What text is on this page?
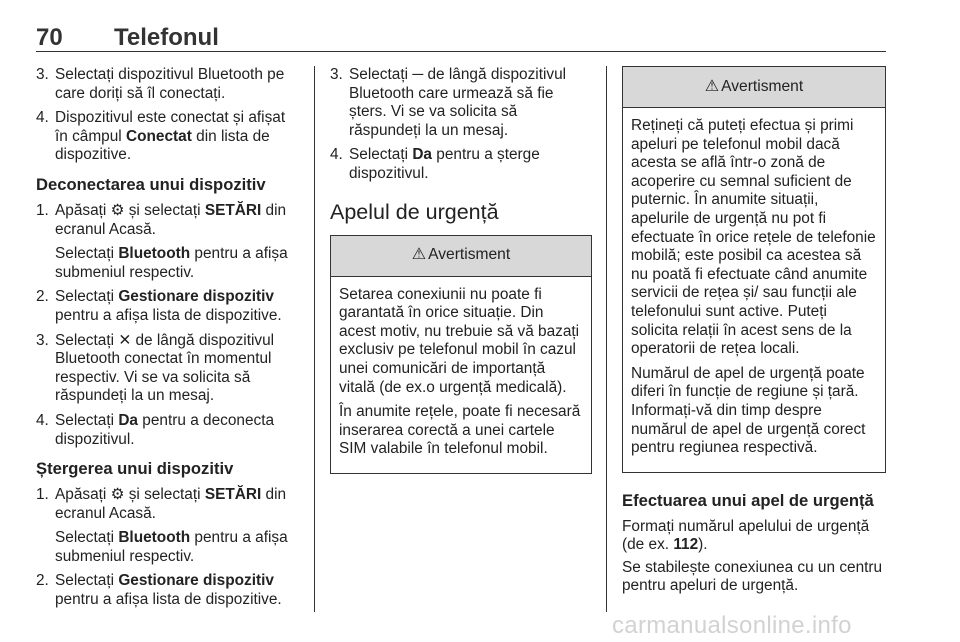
70 Telefonul
3. Selectați dispozitivul Bluetooth pe care doriți să îl conectați.
4. Dispozitivul este conectat și afișat în câmpul Conectat din lista de dispozitive.
Deconectarea unui dispozitiv
1. Apăsați ⚙ și selectați SETĂRI din ecranul Acasă.
Selectați Bluetooth pentru a afișa submeniul respectiv.
2. Selectați Gestionare dispozitiv pentru a afișa lista de dispozitive.
3. Selectați ✕ de lângă dispozitivul Bluetooth conectat în momentul respectiv. Vi se va solicita să răspundeți la un mesaj.
4. Selectați Da pentru a deconecta dispozitivul.
Ștergerea unui dispozitiv
1. Apăsați ⚙ și selectați SETĂRI din ecranul Acasă.
Selectați Bluetooth pentru a afișa submeniul respectiv.
2. Selectați Gestionare dispozitiv pentru a afișa lista de dispozitive.
3. Selectați ─ de lângă dispozitivul Bluetooth care urmează să fie șters. Vi se va solicita să răspundeți la un mesaj.
4. Selectați Da pentru a șterge dispozitivul.
Apelul de urgență
⚠ Avertisment
Setarea conexiunii nu poate fi garantată în orice situație. Din acest motiv, nu trebuie să vă bazați exclusiv pe telefonul mobil în cazul unei comunicări de importanță vitală (de ex.o urgență medicală).
În anumite rețele, poate fi necesară inserarea corectă a unei cartele SIM valabile în telefonul mobil.
⚠ Avertisment
Rețineți că puteți efectua și primi apeluri pe telefonul mobil dacă acesta se află într-o zonă de acoperire cu semnal suficient de puternic. În anumite situații, apelurile de urgență nu pot fi efectuate în orice rețele de telefonie mobilă; este posibil ca acestea să nu poată fi efectuate când anumite servicii de rețea și/ sau funcții ale telefonului sunt active. Puteți solicita relații în acest sens de la operatorii de rețea locali.
Numărul de apel de urgență poate diferi în funcție de regiune și țară. Informați-vă din timp despre numărul de apel de urgență corect pentru regiunea respectivă.
Efectuarea unui apel de urgență
Formați numărul apelului de urgență (de ex. 112).
Se stabilește conexiunea cu un centru pentru apeluri de urgență.
carmanualsonline.info
